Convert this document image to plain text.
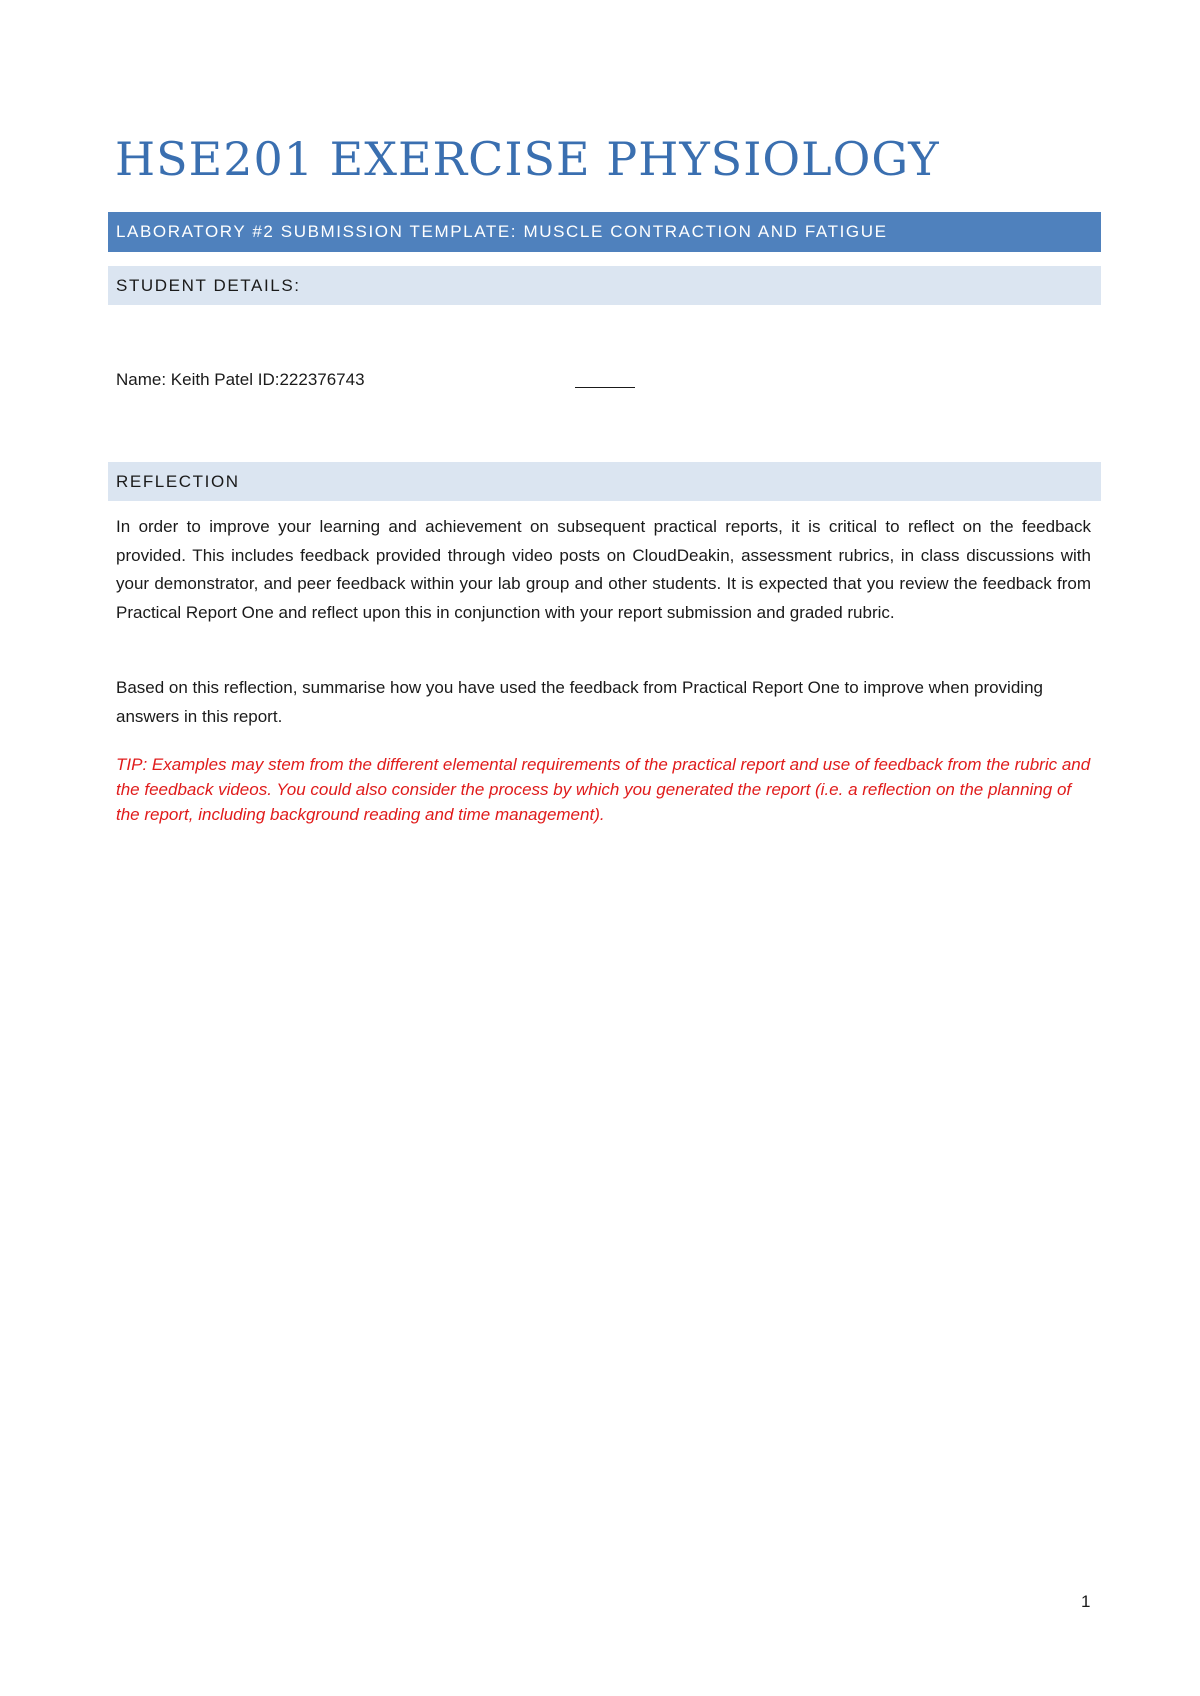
HSE201 EXERCISE PHYSIOLOGY
LABORATORY #2 SUBMISSION TEMPLATE: MUSCLE CONTRACTION AND FATIGUE
STUDENT DETAILS:
Name: Keith Patel ID:222376743
REFLECTION

In order to improve your learning and achievement on subsequent practical reports, it is critical to reflect on the feedback provided. This includes feedback provided through video posts on CloudDeakin, assessment rubrics, in class discussions with your demonstrator, and peer feedback within your lab group and other students. It is expected that you review the feedback from Practical Report One and reflect upon this in conjunction with your report submission and graded rubric.

Based on this reflection, summarise how you have used the feedback from Practical Report One to improve when providing answers in this report.

TIP: Examples may stem from the different elemental requirements of the practical report and use of feedback from the rubric and the feedback videos. You could also consider the process by which you generated the report (i.e. a reflection on the planning of the report, including background reading and time management).

1
